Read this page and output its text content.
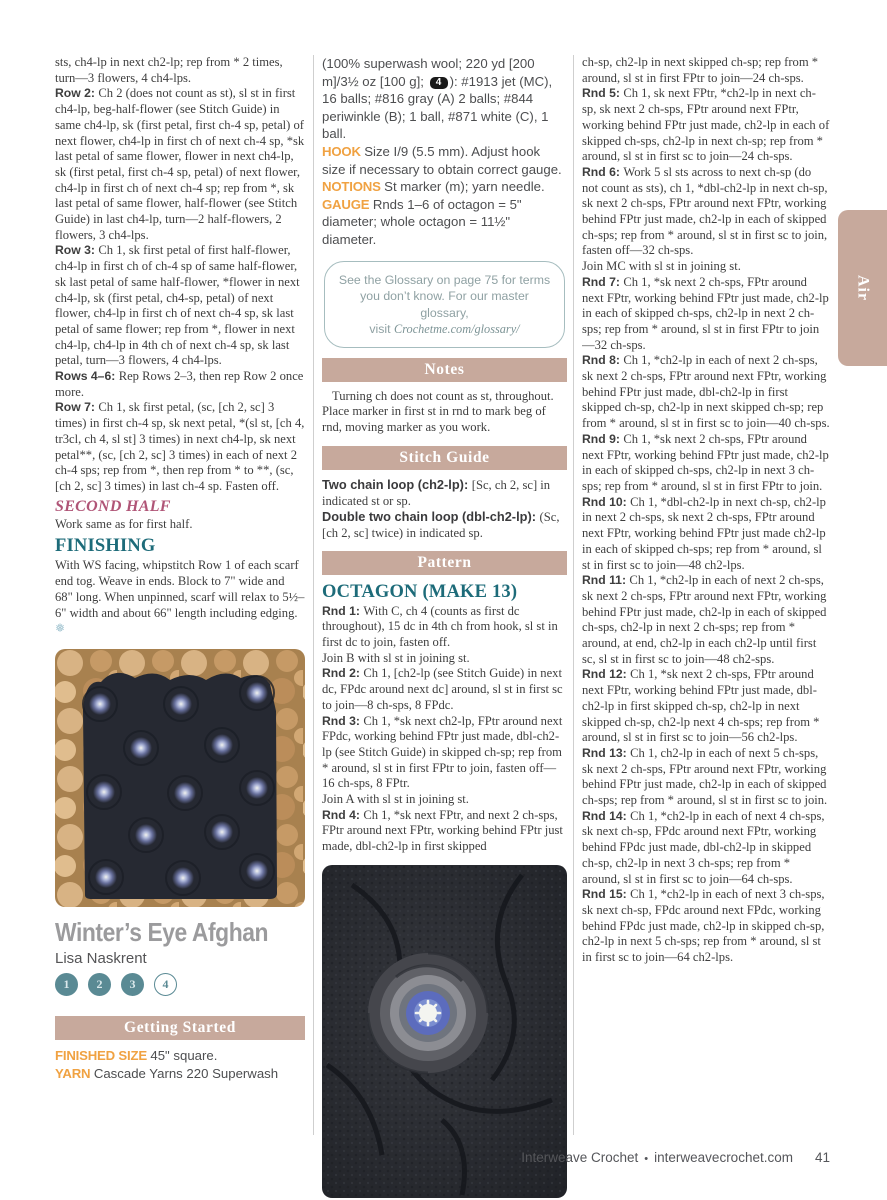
sts, ch4-lp in next ch2-lp; rep from * 2 times, turn—3 flowers, 4 ch4-lps.

Row 2: Ch 2 (does not count as st), sl st in first ch4-lp, beg-half-flower (see Stitch Guide) in same ch4-lp, sk (first petal, first ch-4 sp, petal) of next flower, ch4-lp in first ch of next ch-4 sp, *sk last petal of same flower, flower in next ch4-lp, sk (first petal, first ch-4 sp, petal) of next flower, ch4-lp in first ch of next ch-4 sp; rep from *, sk last petal of same flower, half-flower (see Stitch Guide) in last ch4-lp, turn—2 half-flowers, 2 flowers, 3 ch4-lps.

Row 3: Ch 1, sk first petal of first half-flower, ch4-lp in first ch of ch-4 sp of same half-flower, sk last petal of same half-flower, *flower in next ch4-lp, sk (first petal, ch4-sp, petal) of next flower, ch4-lp in first ch of next ch-4 sp, sk last petal of same flower; rep from *, flower in next ch4-lp, ch4-lp in 4th ch of next ch-4 sp, sk last petal, turn—3 flowers, 4 ch4-lps.

Rows 4–6: Rep Rows 2–3, then rep Row 2 once more.

Row 7: Ch 1, sk first petal, (sc, [ch 2, sc] 3 times) in first ch-4 sp, sk next petal, *(sl st, [ch 4, tr3cl, ch 4, sl st] 3 times) in next ch4-lp, sk next petal**, (sc, [ch 2, sc] 3 times) in each of next 2 ch-4 sps; rep from *, then rep from * to **, (sc, [ch 2, sc] 3 times) in last ch-4 sp. Fasten off.

SECOND HALF

Work same as for first half.

FINISHING

With WS facing, whipstitch Row 1 of each scarf end tog. Weave in ends. Block to 7" wide and 68" long. When unpinned, scarf will relax to 5½–6" width and about 66" length including edging. ❅

Winter’s Eye Afghan

Lisa Naskrent

1	2	3	4
Getting Started

FINISHED SIZE 45" square.

YARN Cascade Yarns 220 Superwash

(100% superwash wool; 220 yd [200 m]/3½ oz [100 g]; 4 ): #1913 jet (MC), 16 balls; #816 gray (A) 2 balls; #844 periwinkle (B); 1 ball, #871 white (C), 1 ball.

HOOK Size I/9 (5.5 mm). Adjust hook size if necessary to obtain correct gauge.

NOTIONS St marker (m); yarn needle.

GAUGE Rnds 1–6 of octagon = 5" diameter; whole octagon = 11½" diameter.

See the Glossary on page 75 for terms

you don’t know. For our master glossary,

visit Crochetme.com/glossary/

Notes

Turning ch does not count as st, throughout. Place marker in first st in rnd to mark beg of rnd, moving marker as you work.

Stitch Guide

Two chain loop (ch2-lp): [Sc, ch 2, sc] in indicated st or sp.

Double two chain loop (dbl-ch2-lp): (Sc, [ch 2, sc] twice) in indicated sp.

Pattern
OCTAGON (MAKE 13)

Rnd 1: With C, ch 4 (counts as first dc throughout), 15 dc in 4th ch from hook, sl st in first dc to join, fasten off.

Join B with sl st in joining st.

Rnd 2: Ch 1, [ch2-lp (see Stitch Guide) in next dc, FPdc around next dc] around, sl st in first sc to join—8 ch-sps, 8 FPdc.

Rnd 3: Ch 1, *sk next ch2-lp, FPtr around next FPdc, working behind FPtr just made, dbl-ch2-lp (see Stitch Guide) in skipped ch-sp; rep from * around, sl st in first FPtr to join, fasten off—16 ch-sps, 8 FPtr.

Join A with sl st in joining st.

Rnd 4: Ch 1, *sk next FPtr, and next 2 ch-sps, FPtr around next FPtr, working behind FPtr just made, dbl-ch2-lp in first skipped

ch-sp, ch2-lp in next skipped ch-sp; rep from * around, sl st in first FPtr to join—24 ch-sps.

Rnd 5: Ch 1, sk next FPtr, *ch2-lp in next ch-sp, sk next 2 ch-sps, FPtr around next FPtr, working behind FPtr just made, ch2-lp in each of skipped ch-sps, ch2-lp in next ch-sp; rep from * around, sl st in first sc to join—24 ch-sps.

Rnd 6: Work 5 sl sts across to next ch-sp (do not count as sts), ch 1, *dbl-ch2-lp in next ch-sp, sk next 2 ch-sps, FPtr around next FPtr, working behind FPtr just made, ch2-lp in each of skipped ch-sps; rep from * around, sl st in first sc to join, fasten off—32 ch-sps.

Join MC with sl st in joining st.

Rnd 7: Ch 1, *sk next 2 ch-sps, FPtr around next FPtr, working behind FPtr just made, ch2-lp in each of skipped ch-sps, ch2-lp in next 2 ch-sps; rep from * around, sl st in first FPtr to join—32 ch-sps.

Rnd 8: Ch 1, *ch2-lp in each of next 2 ch-sps, sk next 2 ch-sps, FPtr around next FPtr, working behind FPtr just made, dbl-ch2-lp in first skipped ch-sp, ch2-lp in next skipped ch-sp; rep from * around, sl st in first sc to join—40 ch-sps.

Rnd 9: Ch 1, *sk next 2 ch-sps, FPtr around next FPtr, working behind FPtr just made, ch2-lp in each of skipped ch-sps, ch2-lp in next 3 ch-sps; rep from * around, sl st in first FPtr to join.

Rnd 10: Ch 1, *dbl-ch2-lp in next ch-sp, ch2-lp in next 2 ch-sps, sk next 2 ch-sps, FPtr around next FPtr, working behind FPtr just made ch2-lp in each of skipped ch-sps; rep from * around, sl st in first sc to join—48 ch2-lps.

Rnd 11: Ch 1, *ch2-lp in each of next 2 ch-sps, sk next 2 ch-sps, FPtr around next FPtr, working behind FPtr just made, ch2-lp in each of skipped ch-sps, ch2-lp in next 2 ch-sps; rep from * around, at end, ch2-lp in each ch2-lp until first sc, sl st in first sc to join—48 ch2-sps.

Rnd 12: Ch 1, *sk next 2 ch-sps, FPtr around next FPtr, working behind FPtr just made, dbl-ch2-lp in first skipped ch-sp, ch2-lp in next skipped ch-sp, ch2-lp next 4 ch-sps; rep from * around, sl st in first sc to join—56 ch2-lps.

Rnd 13: Ch 1, ch2-lp in each of next 5 ch-sps, sk next 2 ch-sps, FPtr around next FPtr, working behind FPtr just made, ch2-lp in each of skipped ch-sps; rep from * around, sl st in first sc to join.

Rnd 14: Ch 1, *ch2-lp in each of next 4 ch-sps, sk next ch-sp, FPdc around next FPtr, working behind FPdc just made, dbl-ch2-lp in skipped ch-sp, ch2-lp in next 3 ch-sps; rep from * around, sl st in first sc to join—64 ch-sps.

Rnd 15: Ch 1, *ch2-lp in each of next 3 ch-sps, sk next ch-sp, FPdc around next FPdc, working behind FPdc just made, ch2-lp in skipped ch-sp, ch2-lp in next 5 ch-sps; rep from * around, sl st in first sc to join—64 ch2-lps.

Air
Interweave Crochet • interweavecrochet.com 41
